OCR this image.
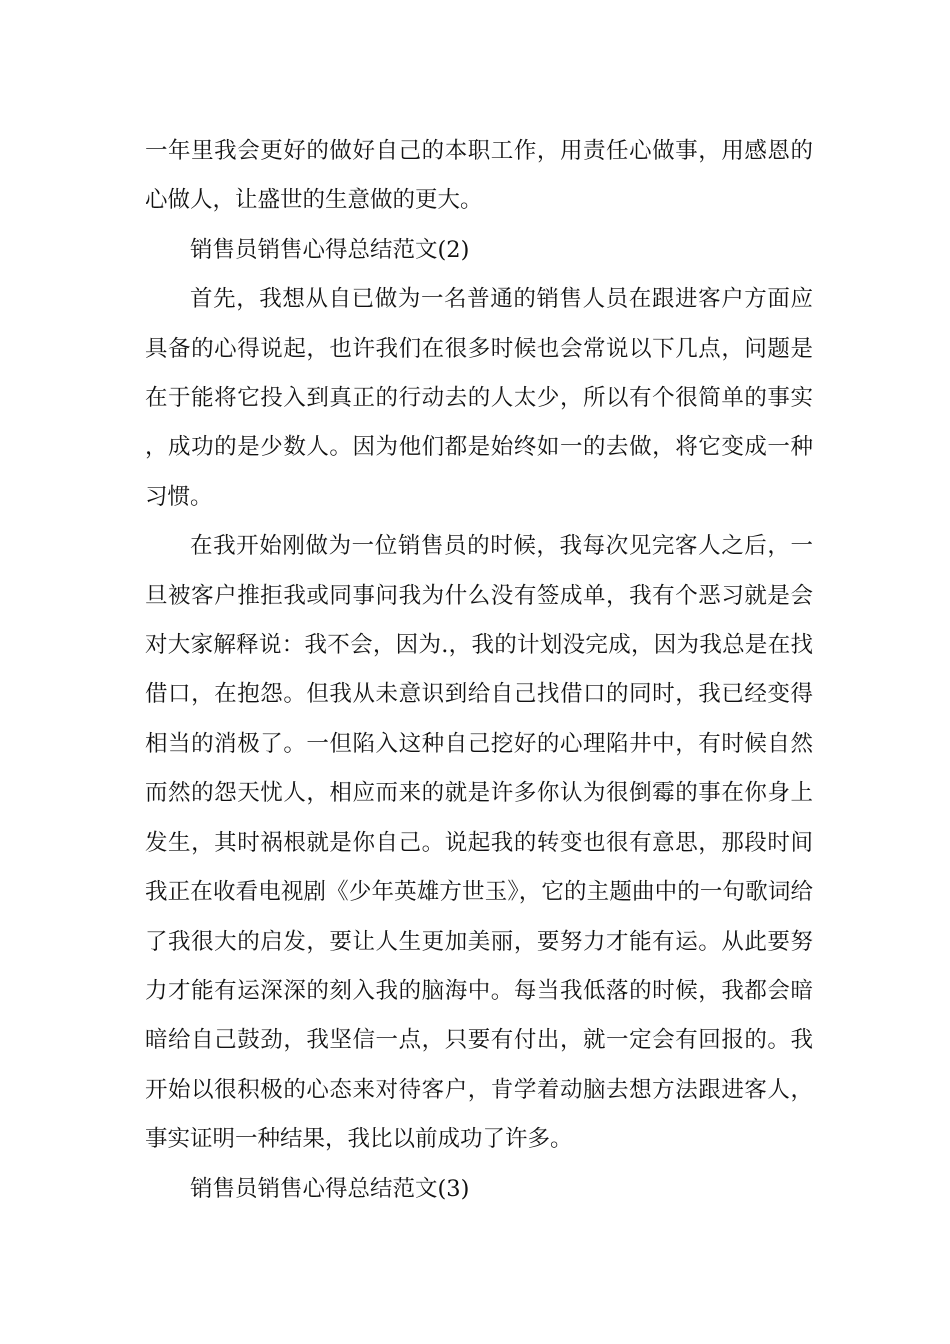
一年里我会更好的做好自己的本职工作，用责任心做事，用感恩的心做人，让盛世的生意做的更大。

销售员销售心得总结范文(2)

首先，我想从自已做为一名普通的销售人员在跟进客户方面应具备的心得说起，也许我们在很多时候也会常说以下几点，问题是在于能将它投入到真正的行动去的人太少，所以有个很简单的事实，成功的是少数人。因为他们都是始终如一的去做，将它变成一种习惯。

在我开始刚做为一位销售员的时候，我每次见完客人之后，一旦被客户推拒我或同事问我为什么没有签成单，我有个恶习就是会对大家解释说：我不会，因为.，我的计划没完成，因为我总是在找借口，在抱怨。但我从未意识到给自己找借口的同时，我已经变得相当的消极了。一但陷入这种自己挖好的心理陷井中，有时候自然而然的怨天忧人，相应而来的就是许多你认为很倒霉的事在你身上发生，其时祸根就是你自己。说起我的转变也很有意思，那段时间我正在收看电视剧《少年英雄方世玉》，它的主题曲中的一句歌词给了我很大的启发，要让人生更加美丽，要努力才能有运。从此要努力才能有运深深的刻入我的脑海中。每当我低落的时候，我都会暗暗给自己鼓劲，我坚信一点，只要有付出，就一定会有回报的。我开始以很积极的心态来对待客户，肯学着动脑去想方法跟进客人，事实证明一种结果，我比以前成功了许多。

销售员销售心得总结范文(3)
